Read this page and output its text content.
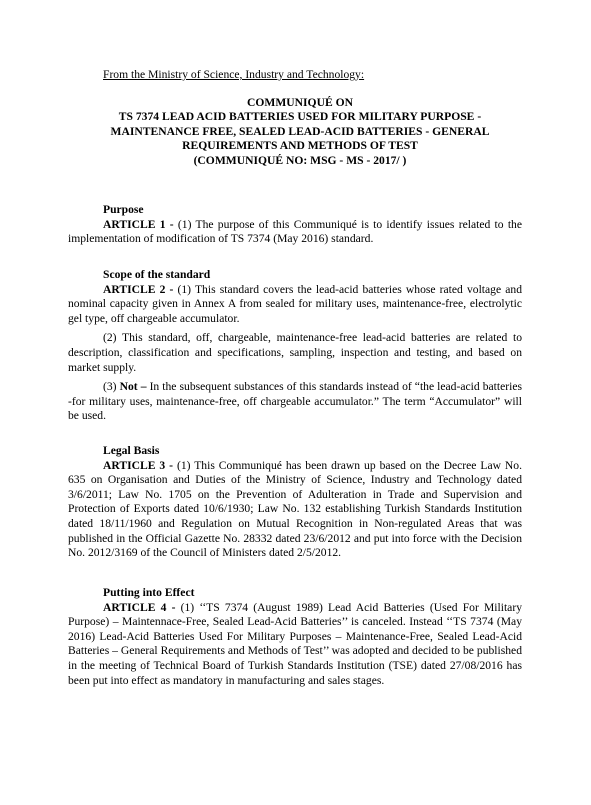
From the Ministry of Science, Industry and Technology:
COMMUNIQUÉ ON
TS 7374 LEAD ACID BATTERIES USED FOR MILITARY PURPOSE -
MAINTENANCE FREE, SEALED LEAD-ACID BATTERIES - GENERAL
REQUIREMENTS AND METHODS OF TEST
(COMMUNIQUÉ NO: MSG - MS - 2017/ )
Purpose

ARTICLE 1 - (1) The purpose of this Communiqué is to identify issues related to the implementation of modification of TS 7374 (May 2016) standard.

Scope of the standard

ARTICLE 2 - (1) This standard covers the lead-acid batteries whose rated voltage and nominal capacity given in Annex A from sealed for military uses, maintenance-free, electrolytic gel type, off chargeable accumulator.

(2) This standard, off, chargeable, maintenance-free lead-acid batteries are related to description, classification and specifications, sampling, inspection and testing, and based on market supply.

(3) Not – In the subsequent substances of this standards instead of “the lead-acid batteries -for military uses, maintenance-free, off chargeable accumulator.” The term “Accumulator” will be used.

Legal Basis

ARTICLE 3 - (1) This Communiqué has been drawn up based on the Decree Law No. 635 on Organisation and Duties of the Ministry of Science, Industry and Technology dated 3/6/2011; Law No. 1705 on the Prevention of Adulteration in Trade and Supervision and Protection of Exports dated 10/6/1930; Law No. 132 establishing Turkish Standards Institution dated 18/11/1960 and Regulation on Mutual Recognition in Non-regulated Areas that was published in the Official Gazette No. 28332 dated 23/6/2012 and put into force with the Decision No. 2012/3169 of the Council of Ministers dated 2/5/2012.

Putting into Effect

ARTICLE 4 - (1) ‘‘TS 7374 (August 1989) Lead Acid Batteries (Used For Military Purpose) – Maintennace-Free, Sealed Lead-Acid Batteries’’ is canceled. Instead ‘‘TS 7374 (May 2016) Lead-Acid Batteries Used For Military Purposes – Maintenance-Free, Sealed Lead-Acid Batteries – General Requirements and Methods of Test’’ was adopted and decided to be published in the meeting of Technical Board of Turkish Standards Institution (TSE) dated 27/08/2016 has been put into effect as mandatory in manufacturing and sales stages.
